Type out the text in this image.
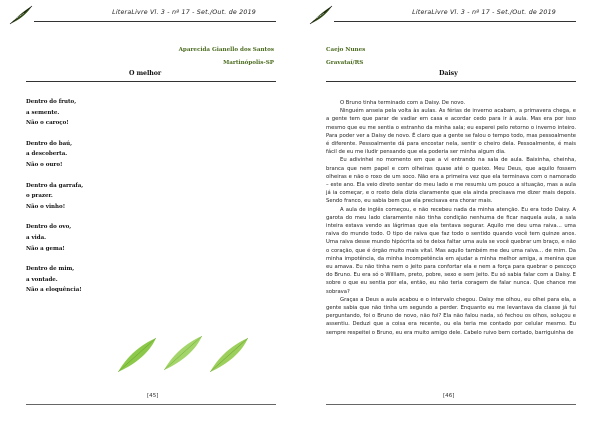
LiteraLivre Vl. 3 - nº 17 - Set./Out. de 2019
Aparecida Gianello dos Santos
Martinópolis-SP
O melhor
Dentro do fruto,
a semente.
Não o caroço!
Dentro do baú,
a descoberta.
Não o ouro!
Dentro da garrafa,
o prazer.
Não o vinho!
Dentro do ovo,
a vida.
Não a gema!
Dentro de mim,
a vontade.
Não a eloquência!
[45]
LiteraLivre Vl. 3 - nº 17 - Set./Out. de 2019
Caejo Nunes
Gravataí/RS
Daisy

O Bruno tinha terminado com a Daisy. De novo.

Ninguém anseia pela volta às aulas. As férias de inverno acabam, a primavera chega, e a gente tem que parar de vadiar em casa e acordar cedo para ir à aula. Mas era por isso mesmo que eu me sentia o estranho da minha sala; eu esperei pelo retorno o inverno inteiro. Para poder ver a Daisy de novo. É claro que a gente se falou o tempo todo, mas pessoalmente é diferente. Pessoalmente dá para encostar nela, sentir o cheiro dela. Pessoalmente, é mais fácil de eu me iludir pensando que ela poderia ser minha algum dia.

Eu adivinhei no momento em que a vi entrando na sala de aula. Baixinha, cheinha, branca que nem papel e com olheiras quase até o queixo. Meu Deus, que aquilo fossem olheiras e não o roxo de um soco. Não era a primeira vez que ela terminava com o namorado – este ano. Ela veio direto sentar do meu lado e me resumiu um pouco a situação, mas a aula já ia começar, e o rosto dela dizia claramente que ela ainda precisava me dizer mais depois. Sendo franco, eu sabia bem que ela precisava era chorar mais.

A aula de inglês começou, e não recebeu nada da minha atenção. Eu era todo Daisy. A garota do meu lado claramente não tinha condição nenhuma de ficar naquela aula, a sala inteira estava vendo as lágrimas que ela tentava segurar. Aquilo me deu uma raiva… uma raiva do mundo todo. O tipo de raiva que faz todo o sentido quando você tem quinze anos. Uma raiva desse mundo hipócrita só te deixa faltar uma aula se você quebrar um braço, e não o coração, que é órgão muito mais vital. Mas aquilo também me deu uma raiva… de mim. Da minha impotência, da minha incompetência em ajudar a minha melhor amiga, a menina que eu amava. Eu não tinha nem o jeito para confortar ela e nem a força para quebrar o pescoço do Bruno. Eu era só o William, preto, pobre, sexo e sem jeito. Eu só sabia falar com a Daisy. E sobre o que eu sentia por ela, então, eu não teria coragem de falar nunca. Que chance me sobrava?

Graças a Deus a aula acabou e o intervalo chegou. Daisy me olhou, eu olhei para ela, a gente sabia que não tinha um segundo a perder. Enquanto eu me levantava da classe já fui perguntando, foi o Bruno de novo, não foi? Ela não falou nada, só fechou os olhos, soluçou e assentiu. Deduzi que a coisa era recente, ou ela teria me contado por celular mesmo. Eu sempre respeitei o Bruno, eu era muito amigo dele. Cabelo ruivo bem cortado, barriguinha de

[46]
